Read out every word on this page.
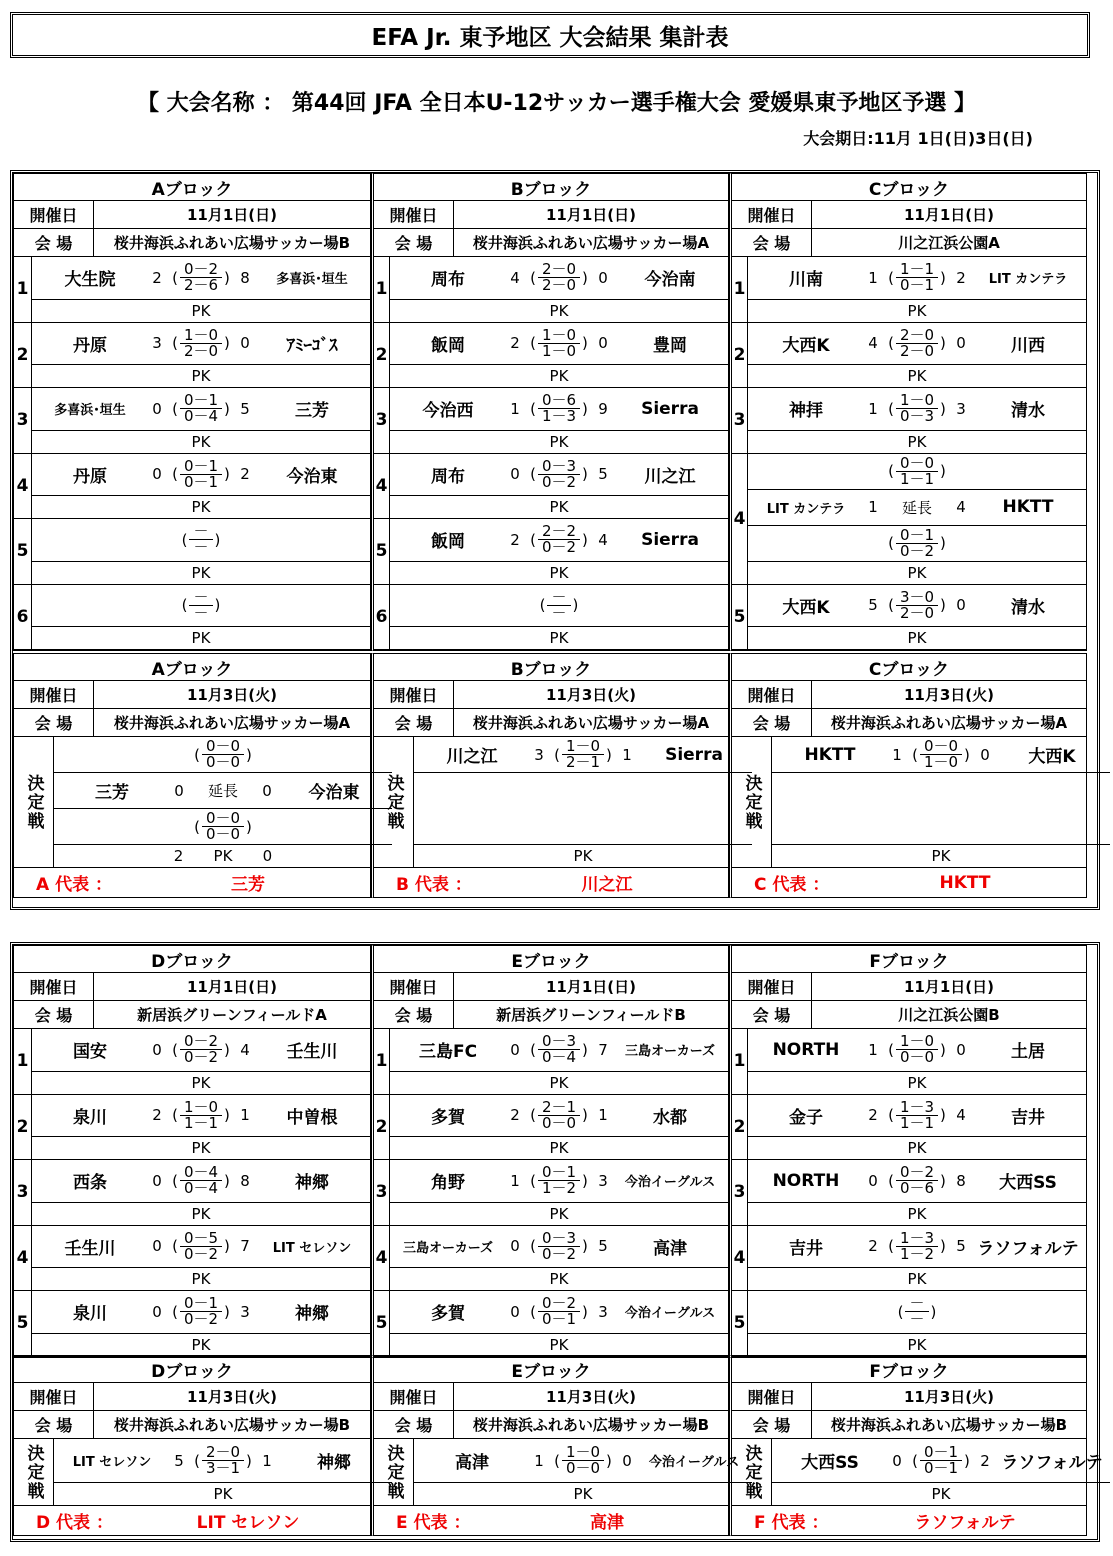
EFA Jr. 東予地区 大会結果 集計表
【 大会名称 ： 第44回 JFA 全日本U-12サッカー選手権大会 愛媛県東予地区予選 】
大会期日:11月 1日(日)3日(日)
Aブロック
開催日	11月1日(日)
会 場	桜井海浜ふれあい広場サッカー場B
1	大生院	2 ( 0－2
2－6 ) 8	多喜浜･垣生
PK
2	丹原	3 ( 1－0
2－0 ) 0	ｱﾐｰｺﾞｽ
PK
3	多喜浜･垣生	0 ( 0－1
0－4 ) 5	三芳
PK
4	丹原	0 ( 0－1
0－1 ) 2	今治東
PK
5
( －
－ )
PK
6
( －
－ )
PK
Bブロック
開催日	11月1日(日)
会 場	桜井海浜ふれあい広場サッカー場A
1	周布	4 ( 2－0
2－0 ) 0	今治南
PK
2	飯岡	2 ( 1－0
1－0 ) 0	豊岡
PK
3	今治西	1 ( 0－6
1－3 ) 9	Sierra
PK
4	周布	0 ( 0－3
0－2 ) 5	川之江
PK
5	飯岡	2 ( 2－2
0－2 ) 4	Sierra
PK
6
( －
－ )
PK
Cブロック
開催日	11月1日(日)
会 場	川之江浜公園A
1	川南	1 ( 1－1
0－1 ) 2	LIT カンテラ
PK
2	大西K	4 ( 2－0
2－0 ) 0	川西
PK
3	神拝	1 ( 1－0
0－3 ) 3	清水
PK
4
( 0－0
1－1 )
LIT カンテラ	1	延長	4	HKTT
( 0－1
0－2 )
PK
5	大西K	5 ( 3－0
2－0 ) 0	清水
PK
Aブロック
開催日	11月3日(火)
会 場	桜井海浜ふれあい広場サッカー場A
決定戦
( 0－0
0－0 )
三芳	0	延長	0	今治東
( 0－0
0－0 )
2 PK 0
A 代表 ：	三芳
Bブロック
開催日	11月3日(火)
会 場	桜井海浜ふれあい広場サッカー場A
決定戦
川之江	3 ( 1－0
2－1 ) 1	Sierra
PK
B 代表 ：	川之江
Cブロック
開催日	11月3日(火)
会 場	桜井海浜ふれあい広場サッカー場A
決定戦
HKTT	1 ( 0－0
1－0 ) 0	大西K
PK
C 代表 ：	HKTT
Dブロック
開催日	11月1日(日)
会 場	新居浜グリーンフィールドA
1	国安	0 ( 0－2
0－2 ) 4	壬生川
PK
2	泉川	2 ( 1－0
1－1 ) 1	中曽根
PK
3	西条	0 ( 0－4
0－4 ) 8	神郷
PK
4	壬生川	0 ( 0－5
0－2 ) 7	LIT セレソン
PK
5	泉川	0 ( 0－1
0－2 ) 3	神郷
PK
Eブロック
開催日	11月1日(日)
会 場	新居浜グリーンフィールドB
1	三島FC	0 ( 0－3
0－4 ) 7	三島オーカーズ
PK
2	多賀	2 ( 2－1
0－0 ) 1	水都
PK
3	角野	1 ( 0－1
1－2 ) 3	今治イーグルス
PK
4	三島オーカーズ	0 ( 0－3
0－2 ) 5	高津
PK
5	多賀	0 ( 0－2
0－1 ) 3	今治イーグルス
PK
Fブロック
開催日	11月1日(日)
会 場	川之江浜公園B
1
NORTH	1 ( 1－0
0－0 ) 0	土居
PK
2	金子	2 ( 1－3
1－1 ) 4	吉井
PK
3
NORTH	0 ( 0－2
0－6 ) 8	大西SS
PK
4	吉井	2 ( 1－3
1－2 ) 5 ラソフォルテ
PK
5
( －
－ )
PK
Dブロック
開催日	11月3日(火)
会 場	桜井海浜ふれあい広場サッカー場B
決定戦	LIT セレソン	5 ( 2－0
3－1 ) 1	神郷
PK
D 代表 ：	LIT セレソン
Eブロック
開催日	11月3日(火)
会 場	桜井海浜ふれあい広場サッカー場B
決定戦	高津	1 ( 1－0
0－0 ) 0	今治イーグルス
PK
E 代表 ：	高津
Fブロック
開催日	11月3日(火)
会 場	桜井海浜ふれあい広場サッカー場B
決定戦	大西SS	0 ( 0－1
0－1 ) 2 ラソフォルテ
PK
F 代表 ：	ラソフォルテ
